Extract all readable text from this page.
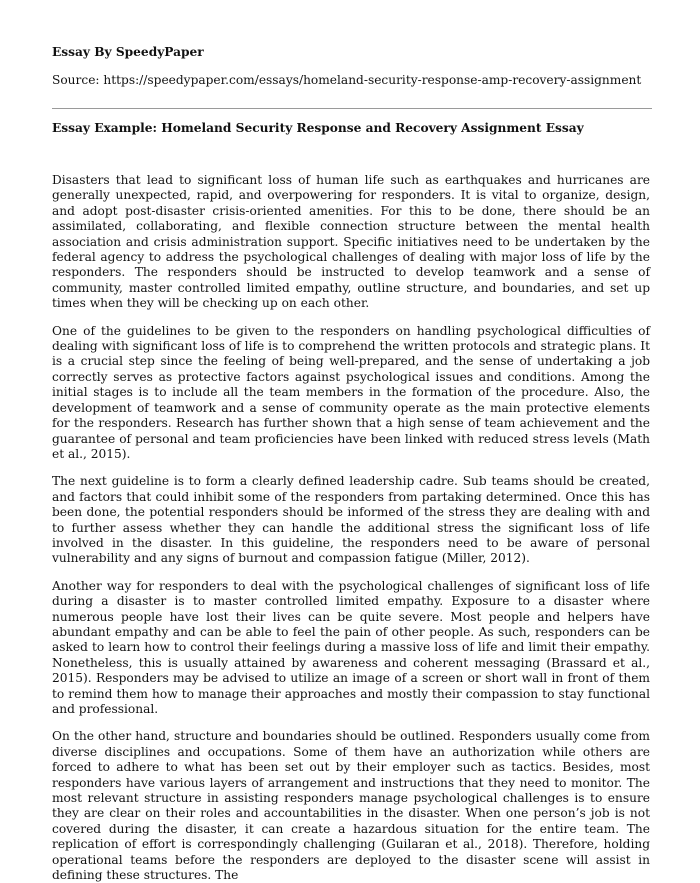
Essay By SpeedyPaper
Source: https://speedypaper.com/essays/homeland-security-response-amp-recovery-assignment
Essay Example: Homeland Security Response and Recovery Assignment Essay

Disasters that lead to significant loss of human life such as earthquakes and hurricanes are generally unexpected, rapid, and overpowering for responders. It is vital to organize, design, and adopt post-disaster crisis-oriented amenities. For this to be done, there should be an assimilated, collaborating, and flexible connection structure between the mental health association and crisis administration support. Specific initiatives need to be undertaken by the federal agency to address the psychological challenges of dealing with major loss of life by the responders. The responders should be instructed to develop teamwork and a sense of community, master controlled limited empathy, outline structure, and boundaries, and set up times when they will be checking up on each other.

One of the guidelines to be given to the responders on handling psychological difficulties of dealing with significant loss of life is to comprehend the written protocols and strategic plans. It is a crucial step since the feeling of being well-prepared, and the sense of undertaking a job correctly serves as protective factors against psychological issues and conditions. Among the initial stages is to include all the team members in the formation of the procedure. Also, the development of teamwork and a sense of community operate as the main protective elements for the responders. Research has further shown that a high sense of team achievement and the guarantee of personal and team proficiencies have been linked with reduced stress levels (Math et al., 2015).

The next guideline is to form a clearly defined leadership cadre. Sub teams should be created, and factors that could inhibit some of the responders from partaking determined. Once this has been done, the potential responders should be informed of the stress they are dealing with and to further assess whether they can handle the additional stress the significant loss of life involved in the disaster. In this guideline, the responders need to be aware of personal vulnerability and any signs of burnout and compassion fatigue (Miller, 2012).

Another way for responders to deal with the psychological challenges of significant loss of life during a disaster is to master controlled limited empathy. Exposure to a disaster where numerous people have lost their lives can be quite severe. Most people and helpers have abundant empathy and can be able to feel the pain of other people. As such, responders can be asked to learn how to control their feelings during a massive loss of life and limit their empathy. Nonetheless, this is usually attained by awareness and coherent messaging (Brassard et al., 2015). Responders may be advised to utilize an image of a screen or short wall in front of them to remind them how to manage their approaches and mostly their compassion to stay functional and professional.

On the other hand, structure and boundaries should be outlined. Responders usually come from diverse disciplines and occupations. Some of them have an authorization while others are forced to adhere to what has been set out by their employer such as tactics. Besides, most responders have various layers of arrangement and instructions that they need to monitor. The most relevant structure in assisting responders manage psychological challenges is to ensure they are clear on their roles and accountabilities in the disaster. When one person’s job is not covered during the disaster, it can create a hazardous situation for the entire team. The replication of effort is correspondingly challenging (Guilaran et al., 2018). Therefore, holding operational teams before the responders are deployed to the disaster scene will assist in defining these structures. The
